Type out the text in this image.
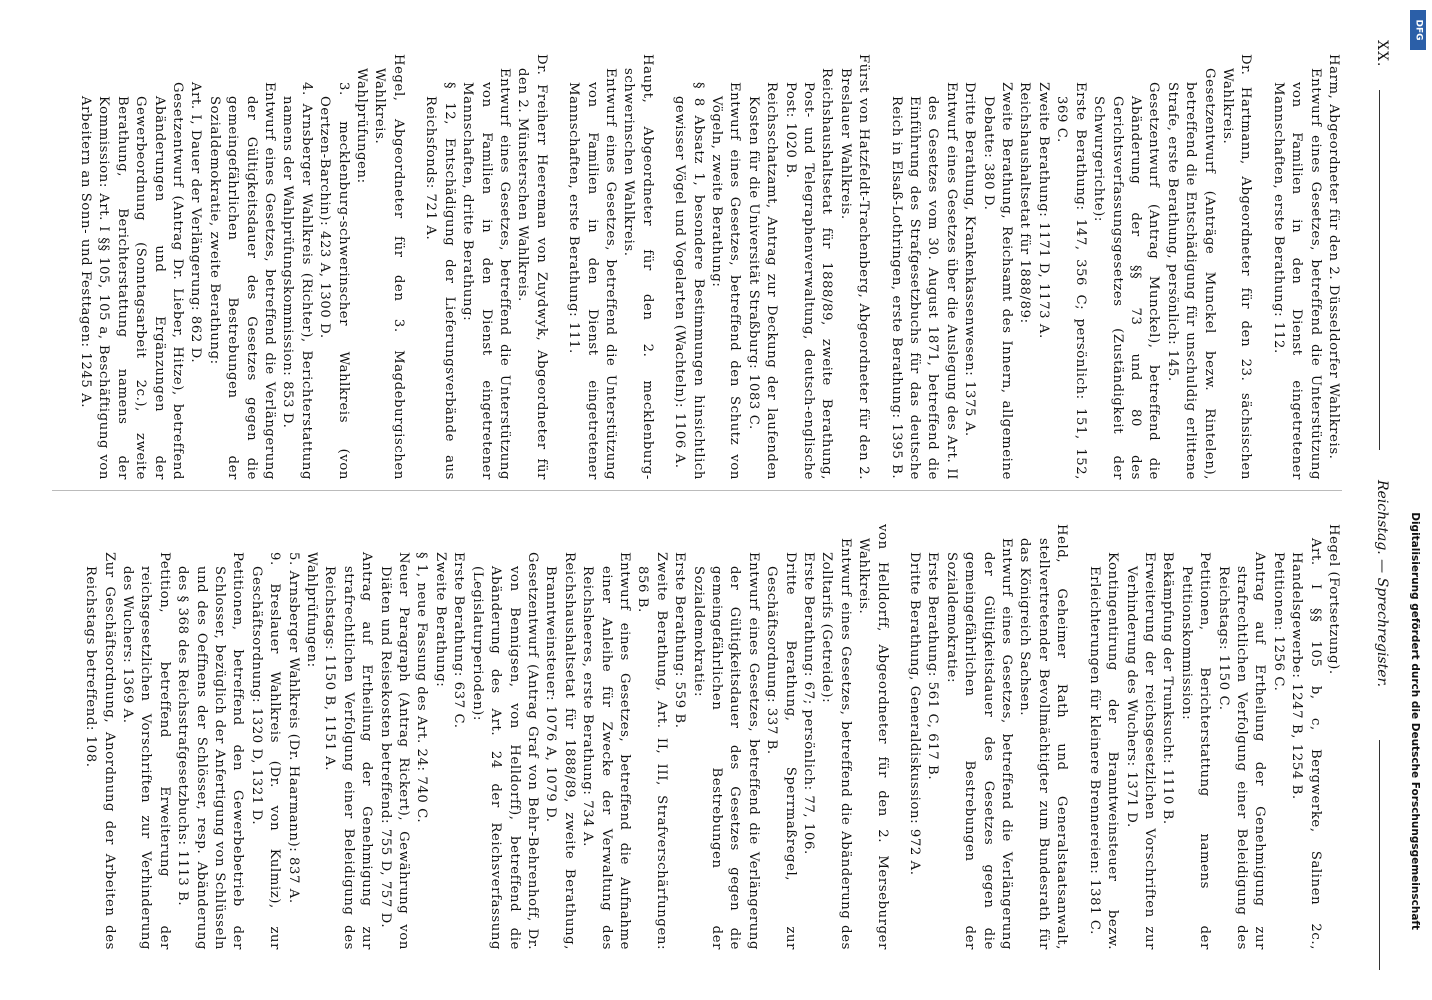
XX.
Reichstag. — Sprechregister.
Harm, Abgeordneter für den 2. Düsseldorfer Wahlkreis.
Entwurf eines Gesetzes, betreffend die Unterstützung von Familien in den Dienst eingetretener Mannschaften, erste Berathung: 112.
Dr. Hartmann, Abgeordneter für den 23. sächsischen Wahlkreis.
Gesetzentwurf (Anträge Munckel bezw. Rintelen), betreffend die Entschädigung für unschuldig erlittene Strafe, erste Berathung, persönlich: 145.
Gesetzentwurf (Antrag Munckel), betreffend die Abänderung der §§ 73 und 80 des Gerichtsverfassungsgesetzes (Zuständigkeit der Schwurgerichte):
Erste Berathung: 147, 356 C; persönlich: 151, 152, 369 C.
Zweite Berathung: 1171 D, 1173 A.
Reichshaushaltsetat für 1888/89:
Zweite Berathung, Reichsamt des Innern, allgemeine Debatte: 380 D.
Dritte Berathung, Krankenkassenwesen: 1375 A.
Entwurf eines Gesetzes über die Auslegung des Art. II des Gesetzes vom 30. August 1871, betreffend die Einführung des Strafgesetzbuchs für das deutsche Reich in Elsaß-Lothringen, erste Berathung: 1395 B.
Fürst von Hatzfeldt-Trachenberg, Abgeordneter für den 2. Breslauer Wahlkreis.
Reichshaushaltsetat für 1888/89, zweite Berathung, Post- und Telegraphenverwaltung, deutsch-englische Post: 1020 B.
Reichsschatzamt, Antrag zur Deckung der laufenden Kosten für die Universität Straßburg: 1083 C.
Entwurf eines Gesetzes, betreffend den Schutz von Vögeln, zweite Berathung:
§ 8 Absatz 1, besondere Bestimmungen hinsichtlich gewisser Vögel und Vogelarten (Wachteln): 1106 A.
Haupt, Abgeordneter für den 2. mecklenburg-schwerinschen Wahlkreis.
Entwurf eines Gesetzes, betreffend die Unterstützung von Familien in den Dienst eingetretener Mannschaften, erste Berathung: 111.
Dr. Freiherr Heereman von Zuydwyk, Abgeordneter für den 2. Münsterschen Wahlkreis.
Entwurf eines Gesetzes, betreffend die Unterstützung von Familien in den Dienst eingetretener Mannschaften, dritte Berathung:
§ 12, Entschädigung der Lieferungsverbände aus Reichsfonds: 721 A.
Hegel, Abgeordneter für den 3. Magdeburgischen Wahlkreis.
Wahlprüfungen:
3. mecklenburg-schwerinscher Wahlkreis (von Oertzen-Barchin): 423 A, 1300 D.
4. Arnsberger Wahlkreis (Richter), Berichterstattung namens der Wahlprüfungskommission: 853 D.
Entwurf eines Gesetzes, betreffend die Verlängerung der Gültigkeitsdauer des Gesetzes gegen die gemeingefährlichen Bestrebungen der Sozialdemokratie, zweite Berathung:
Art. I, Dauer der Verlängerung: 862 D.
Gesetzentwurf (Antrag Dr. Lieber, Hitze), betreffend Abänderungen und Ergänzungen der Gewerbeordnung (Sonntagsarbeit 2c.), zweite Berathung, Berichterstattung namens der Kommission: Art. I §§ 105, 105 a, Beschäftigung von Arbeitern an Sonn- und Festtagen: 1245 A.
Hegel (Fortsetzung).
Art. I §§ 105 b, c, Bergwerke, Salinen 2c., Handelsgewerbe: 1247 B, 1254 B.
Petitionen: 1256 C.
Antrag auf Ertheilung der Genehmigung zur strafrechtlichen Verfolgung einer Beleidigung des Reichstags: 1150 C.
Petitionen, Berichterstattung namens der Petitionskommission:
Bekämpfung der Trunksucht: 1110 B.
Erweiterung der reichsgesetzlichen Vorschriften zur Verhinderung des Wuchers: 1371 D.
Kontingentirung der Branntweinsteuer bezw. Erleichterungen für kleinere Brennereien: 1381 C.
Held, Geheimer Rath und Generalstaatsanwalt, stellvertretender Bevollmächtigter zum Bundesrath für das Königreich Sachsen.
Entwurf eines Gesetzes, betreffend die Verlängerung der Gültigkeitsdauer des Gesetzes gegen die gemeingefährlichen Bestrebungen der Sozialdemokratie:
Erste Berathung: 561 C, 617 B.
Dritte Berathung, Generaldiskussion: 972 A.
von Helldorff, Abgeordneter für den 2. Merseburger Wahlkreis.
Entwurf eines Gesetzes, betreffend die Abänderung des Zolltarifs (Getreide):
Erste Berathung: 67; persönlich: 77, 106.
Dritte Berathung, Sperrmaßregel, zur Geschäftsordnung: 337 B.
Entwurf eines Gesetzes, betreffend die Verlängerung der Gültigkeitsdauer des Gesetzes gegen die gemeingefährlichen Bestrebungen der Sozialdemokratie:
Erste Berathung: 559 B.
Zweite Berathung, Art. II, III, Strafverschärfungen: 856 B.
Entwurf eines Gesetzes, betreffend die Aufnahme einer Anleihe für Zwecke der Verwaltung des Reichsheeres, erste Berathung: 734 A.
Reichshaushaltsetat für 1888/89, zweite Berathung, Branntweinsteuer: 1076 A, 1079 D.
Gesetzentwurf (Antrag Graf von Behr-Behrenhoff, Dr. von Bennigsen, von Helldorff), betreffend die Abänderung des Art. 24 der Reichsverfassung (Legislaturperioden):
Erste Berathung: 637 C.
Zweite Berathung:
§ 1, neue Fassung des Art. 24: 740 C.
Neuer Paragraph (Antrag Rickert), Gewährung von Diäten und Reisekosten betreffend: 755 D, 757 D.
Antrag auf Ertheilung der Genehmigung zur strafrechtlichen Verfolgung einer Beleidigung des Reichstags: 1150 B, 1151 A.
Wahlprüfungen:
5. Arnsberger Wahlkreis (Dr. Haarmann): 837 A.
9. Breslauer Wahlkreis (Dr. von Kulmiz), zur Geschäftsordnung: 1320 D, 1321 D.
Petitionen, betreffend den Gewerbebetrieb der Schlosser, bezüglich der Anfertigung von Schlüsseln und des Oeffnens der Schlösser, resp. Abänderung des § 368 des Reichsstrafgesetzbuchs: 1113 B.
Petition, betreffend Erweiterung der reichsgesetzlichen Vorschriften zur Verhinderung des Wuchers: 1369 A.
Zur Geschäftsordnung, Anordnung der Arbeiten des Reichstags betreffend: 108.	Digitalisierung gefördert durch die Deutsche Forschungsgemeinschaft
DFG
